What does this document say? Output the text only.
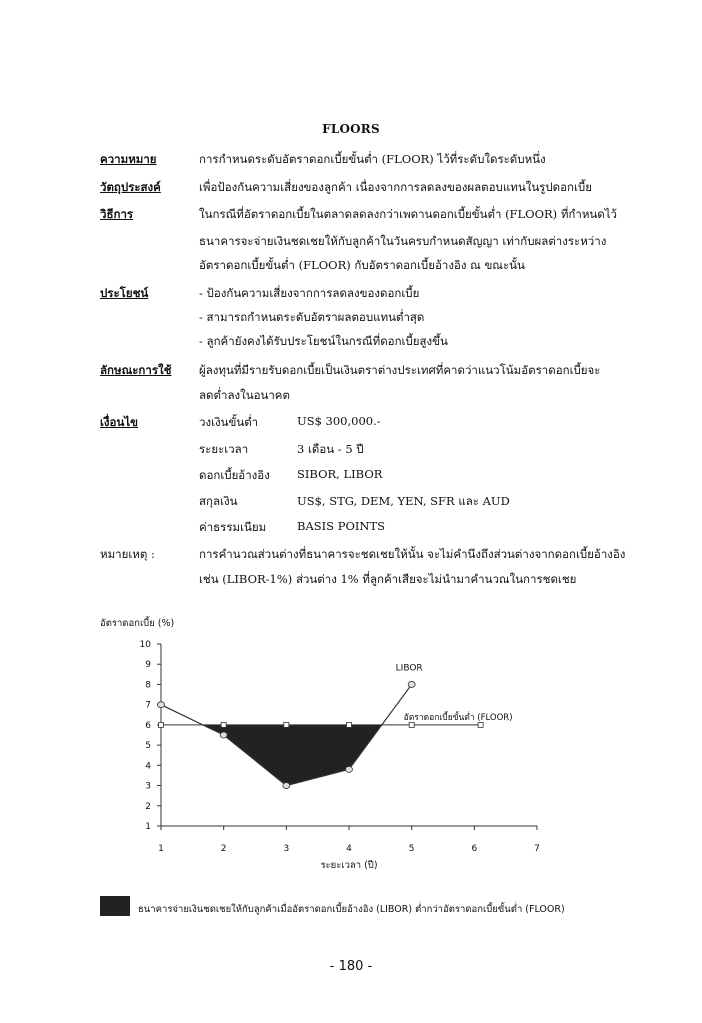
FLOORS
ความหมาย	การกำหนดระดับอัตราดอกเบี้ยขั้นต่ำ (FLOOR) ไว้ที่ระดับใดระดับหนึ่ง
วัตถุประสงค์	เพื่อป้องกันความเสี่ยงของลูกค้า เนื่องจากการลดลงของผลตอบแทนในรูปดอกเบี้ย
วิธีการ	ในกรณีที่อัตราดอกเบี้ยในตลาดลดลงกว่าเพดานดอกเบี้ยขั้นต่ำ (FLOOR) ที่กำหนดไว้
ธนาคารจะจ่ายเงินชดเชยให้กับลูกค้าในวันครบกำหนดสัญญา เท่ากับผลต่างระหว่าง
อัตราดอกเบี้ยขั้นต่ำ (FLOOR) กับอัตราดอกเบี้ยอ้างอิง ณ ขณะนั้น
ประโยชน์	- ป้องกันความเสี่ยงจากการลดลงของดอกเบี้ย
- สามารถกำหนดระดับอัตราผลตอบแทนต่ำสุด
- ลูกค้ายังคงได้รับประโยชน์ในกรณีที่ดอกเบี้ยสูงขึ้น
ลักษณะการใช้ ผู้ลงทุนที่มีรายรับดอกเบี้ยเป็นเงินตราต่างประเทศที่คาดว่าแนวโน้มอัตราดอกเบี้ยจะ
ลดต่ำลงในอนาคต
เงื่อนไข	วงเงินขั้นต่ำ	US$ 300,000.-
ระยะเวลา	3 เดือน - 5 ปี
ดอกเบี้ยอ้างอิง SIBOR, LIBOR
สกุลเงิน	US$, STG, DEM, YEN, SFR และ AUD
ค่าธรรมเนียม	BASIS POINTS
หมายเหตุ :	การคำนวณส่วนต่างที่ธนาคารจะชดเชยให้นั้น จะไม่คำนึงถึงส่วนต่างจากดอกเบี้ยอ้างอิง
เช่น (LIBOR-1%) ส่วนต่าง 1% ที่ลูกค้าเสียจะไม่นำมาคำนวณในการชดเชย
อัตราดอกเบี้ย (%)
1
2
3
4
5
6
7
8
9
10
1	2	3	4	5	6	7
LIBOR
อัตราดอกเบี้ยขั้นต่ำ (FLOOR)
ระยะเวลา (ปี)
ธนาคารจ่ายเงินชดเชยให้กับลูกค้าเมื่ออัตราดอกเบี้ยอ้างอิง (LIBOR) ต่ำกว่าอัตราดอกเบี้ยขั้นต่ำ (FLOOR)
- 180 -
